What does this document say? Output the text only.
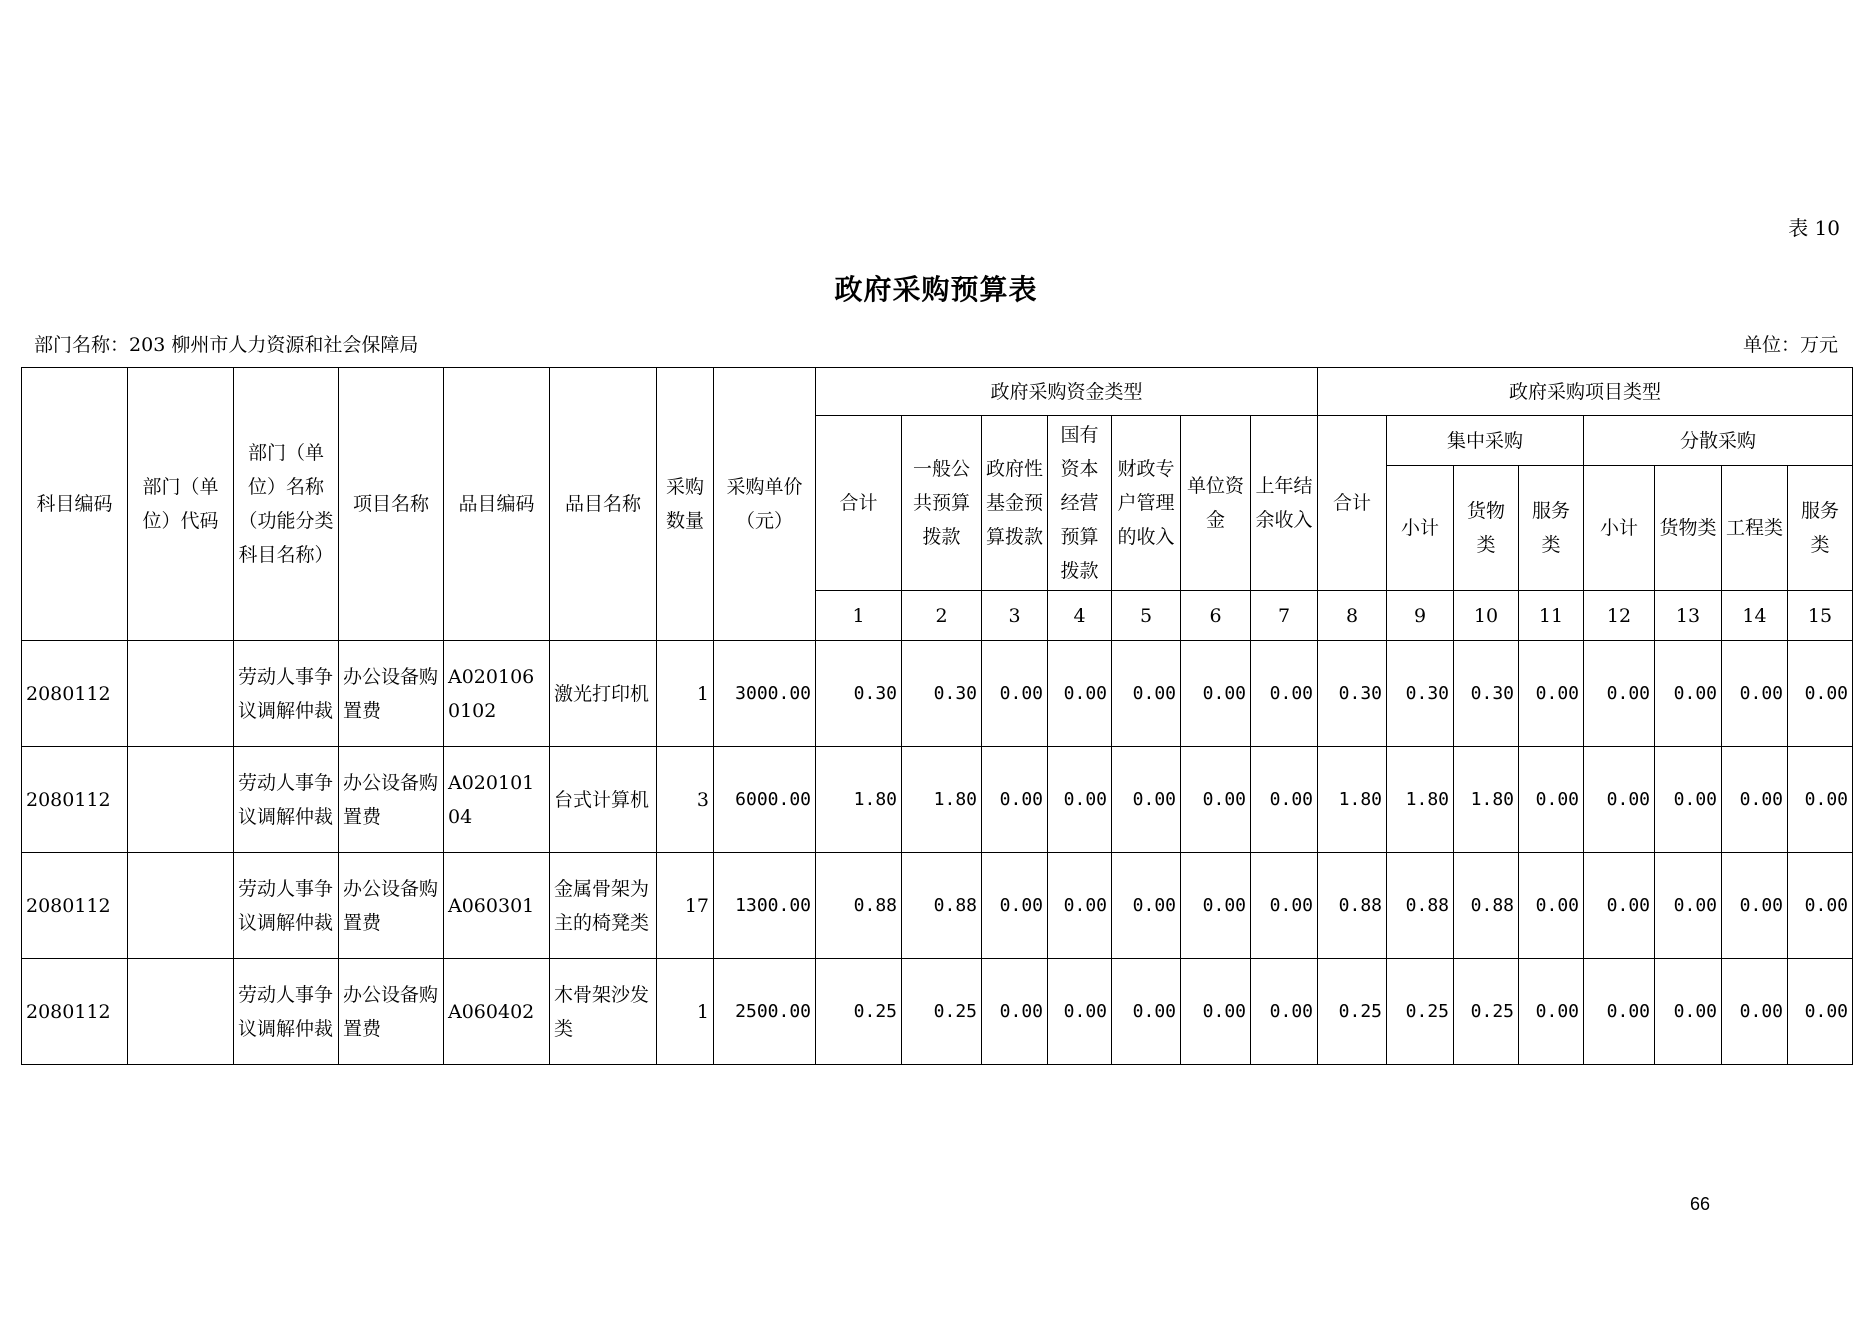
表 10
政府采购预算表
部门名称：203 柳州市人力资源和社会保障局	单位：万元
科目编码	部门（单位）代码	部门（单位）名称（功能分类科目名称）	项目名称	品目编码	品目名称	采购数量	采购单价（元）	政府采购资金类型							政府采购项目类型							
								合计	一般公共预算拨款	政府性基金预算拨款	国有资本经营预算拨款	财政专户管理的收入	单位资金	上年结余收入	合计	集中采购			分散采购			
																小计	货物类	服务类	小计	货物类	工程类	服务类
								1	2	3	4	5	6	7	8	9	10	11	12	13	14	15
2080112		劳动人事争议调解仲裁	办公设备购置费	A0201060102	激光打印机	1	3000.00	0.30	0.30	0.00	0.00	0.00	0.00	0.00	0.30	0.30	0.30	0.00	0.00	0.00	0.00	0.00
2080112		劳动人事争议调解仲裁	办公设备购置费	A02010104	台式计算机	3	6000.00	1.80	1.80	0.00	0.00	0.00	0.00	0.00	1.80	1.80	1.80	0.00	0.00	0.00	0.00	0.00
2080112		劳动人事争议调解仲裁	办公设备购置费	A060301	金属骨架为主的椅凳类	17	1300.00	0.88	0.88	0.00	0.00	0.00	0.00	0.00	0.88	0.88	0.88	0.00	0.00	0.00	0.00	0.00
2080112		劳动人事争议调解仲裁	办公设备购置费	A060402	木骨架沙发类	1	2500.00	0.25	0.25	0.00	0.00	0.00	0.00	0.00	0.25	0.25	0.25	0.00	0.00	0.00	0.00	0.00
66
